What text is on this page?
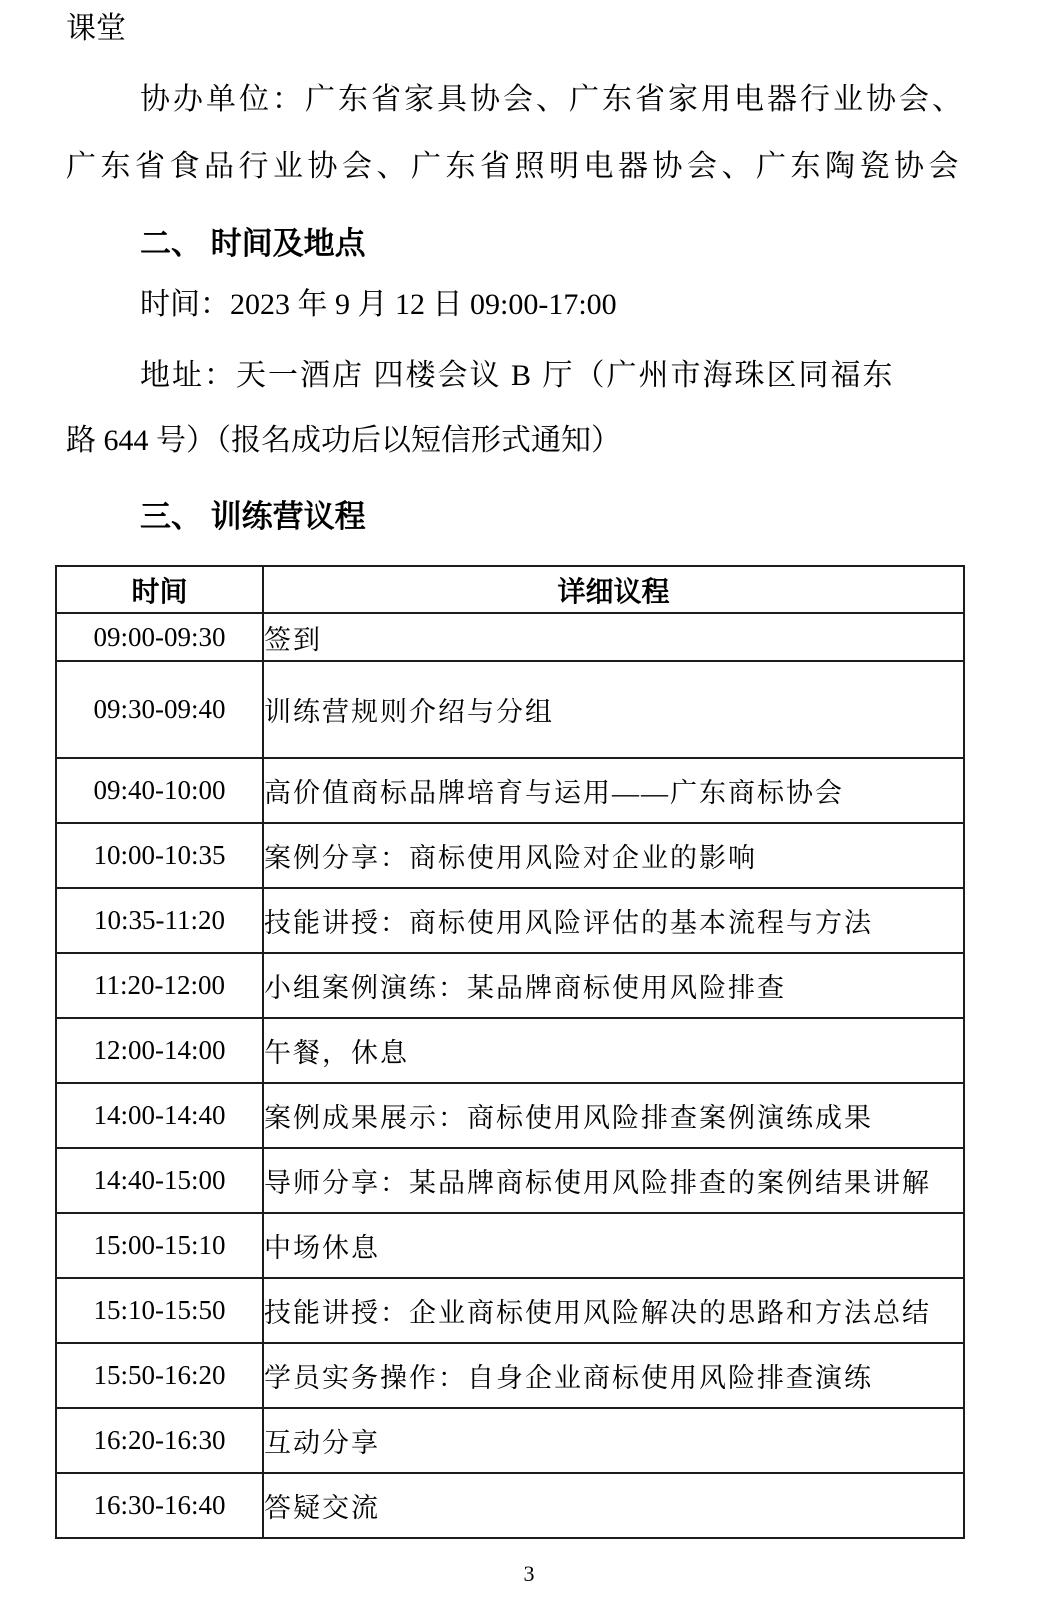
课堂
协办单位：广东省家具协会、广东省家用电器行业协会、
广东省食品行业协会、广东省照明电器协会、广东陶瓷协会
二、 时间及地点
时间：2023 年 9 月 12 日 09:00-17:00
地址：天一酒店 四楼会议 B 厅（广州市海珠区同福东
路 644 号）（报名成功后以短信形式通知）
三、 训练营议程
时间	详细议程
09:00-09:30	签到
09:30-09:40	训练营规则介绍与分组
09:40-10:00	高价值商标品牌培育与运用——广东商标协会
10:00-10:35	案例分享：商标使用风险对企业的影响
10:35-11:20	技能讲授：商标使用风险评估的基本流程与方法
11:20-12:00	小组案例演练：某品牌商标使用风险排查
12:00-14:00	午餐，休息
14:00-14:40	案例成果展示：商标使用风险排查案例演练成果
14:40-15:00	导师分享：某品牌商标使用风险排查的案例结果讲解
15:00-15:10	中场休息
15:10-15:50	技能讲授：企业商标使用风险解决的思路和方法总结
15:50-16:20	学员实务操作：自身企业商标使用风险排查演练
16:20-16:30	互动分享
16:30-16:40	答疑交流
3
